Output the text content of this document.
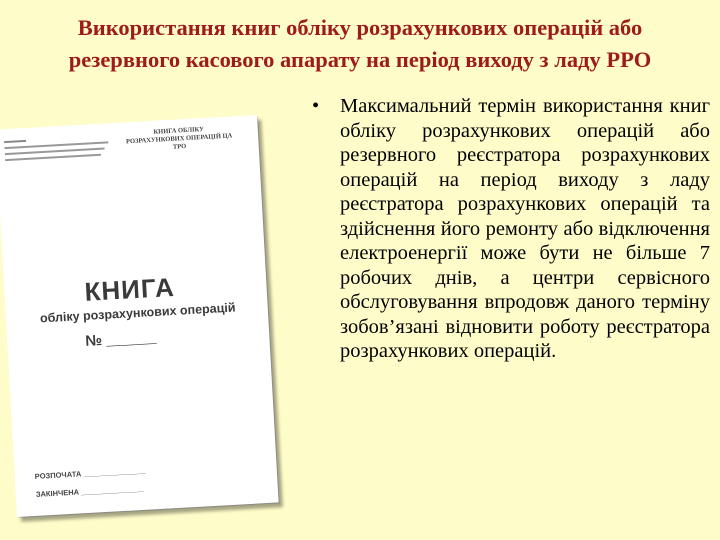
Використання книг обліку розрахункових операцій або
резервного касового апарату на період виходу з ладу РРО
КНИГА ОБЛІКУ РОЗРАХУНКОВИХ ОПЕРАЦІЙ ЦА ТРО
КНИГА
обліку розрахункових операцій
№ ______
РОЗПОЧАТА _______________
ЗАКІНЧЕНА _______________
•	Максимальний термін використання книг обліку розрахункових операцій або резервного реєстратора розрахункових операцій на період виходу з ладу реєстратора розрахункових операцій та здійснення його ремонту або відключення електроенергії може бути не більше 7 робочих днів, а центри сервісного обслуговування впродовж даного терміну зобов’язані відновити роботу реєстратора розрахункових операцій.
